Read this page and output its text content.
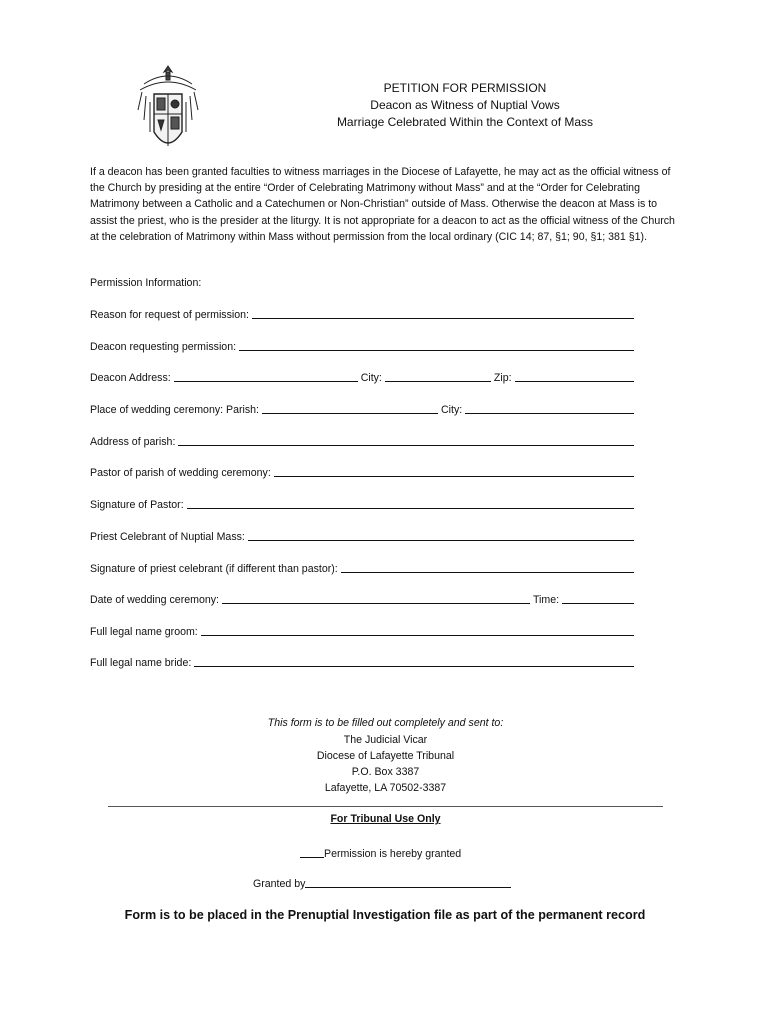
PETITION FOR PERMISSION
Deacon as Witness of Nuptial Vows
Marriage Celebrated Within the Context of Mass
If a deacon has been granted faculties to witness marriages in the Diocese of Lafayette, he may act as the official witness of the Church by presiding at the entire “Order of Celebrating Matrimony without Mass” and at the “Order for Celebrating Matrimony between a Catholic and a Catechumen or Non-Christian” outside of Mass. Otherwise the deacon at Mass is to assist the priest, who is the presider at the liturgy. It is not appropriate for a deacon to act as the official witness of the Church at the celebration of Matrimony within Mass without permission from the local ordinary (CIC 14; 87, §1; 90, §1; 381 §1).
Permission Information:
Reason for request of permission:
Deacon requesting permission:
Deacon Address:	City:	Zip:
Place of wedding ceremony: Parish:	City:
Address of parish:
Pastor of parish of wedding ceremony:
Signature of Pastor:
Priest Celebrant of Nuptial Mass:
Signature of priest celebrant (if different than pastor):
Date of wedding ceremony:	Time:
Full legal name groom:
Full legal name bride:
This form is to be filled out completely and sent to:
The Judicial Vicar
Diocese of Lafayette Tribunal
P.O. Box 3387
Lafayette, LA 70502-3387
For Tribunal Use Only
Permission is hereby granted
Granted by
Form is to be placed in the Prenuptial Investigation file as part of the permanent record
